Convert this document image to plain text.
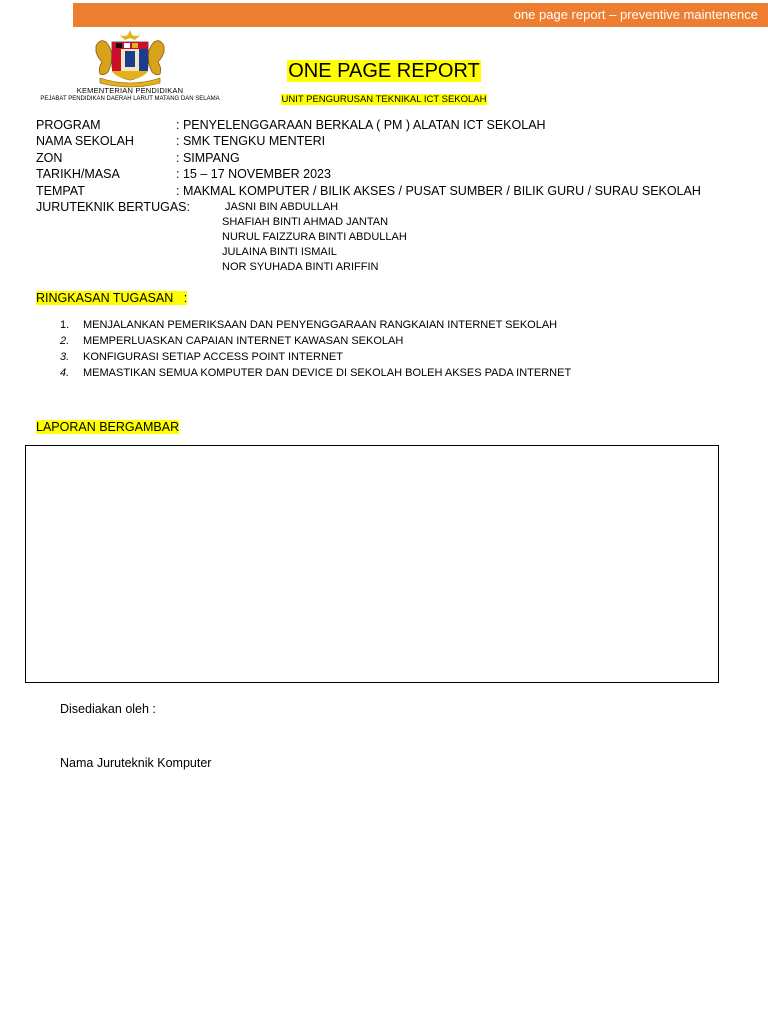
one page report – preventive maintenence
KEMENTERIAN PENDIDIKAN
PEJABAT PENDIDIKAN DAERAH LARUT MATANG DAN SELAMA
ONE PAGE REPORT
UNIT PENGURUSAN TEKNIKAL ICT SEKOLAH
PROGRAM	: PENYELENGGARAAN BERKALA ( PM ) ALATAN ICT SEKOLAH
NAMA SEKOLAH	: SMK TENGKU MENTERI
ZON	: SIMPANG
TARIKH/MASA	: 15 – 17 NOVEMBER 2023
TEMPAT	: MAKMAL KOMPUTER / BILIK AKSES / PUSAT SUMBER / BILIK GURU / SURAU SEKOLAH
JURUTEKNIK BERTUGAS:	JASNI BIN ABDULLAH
SHAFIAH BINTI AHMAD JANTAN
NURUL FAIZZURA BINTI ABDULLAH
JULAINA BINTI ISMAIL
NOR SYUHADA BINTI ARIFFIN
RINGKASAN TUGASAN   :
1. MENJALANKAN PEMERIKSAAN DAN PENYENGGARAAN RANGKAIAN INTERNET SEKOLAH
2. MEMPERLUASKAN CAPAIAN INTERNET KAWASAN SEKOLAH
3. KONFIGURASI SETIAP ACCESS POINT INTERNET
4. MEMASTIKAN SEMUA KOMPUTER DAN DEVICE DI SEKOLAH BOLEH AKSES PADA INTERNET
LAPORAN BERGAMBAR
Disediakan oleh :
Nama Juruteknik Komputer
